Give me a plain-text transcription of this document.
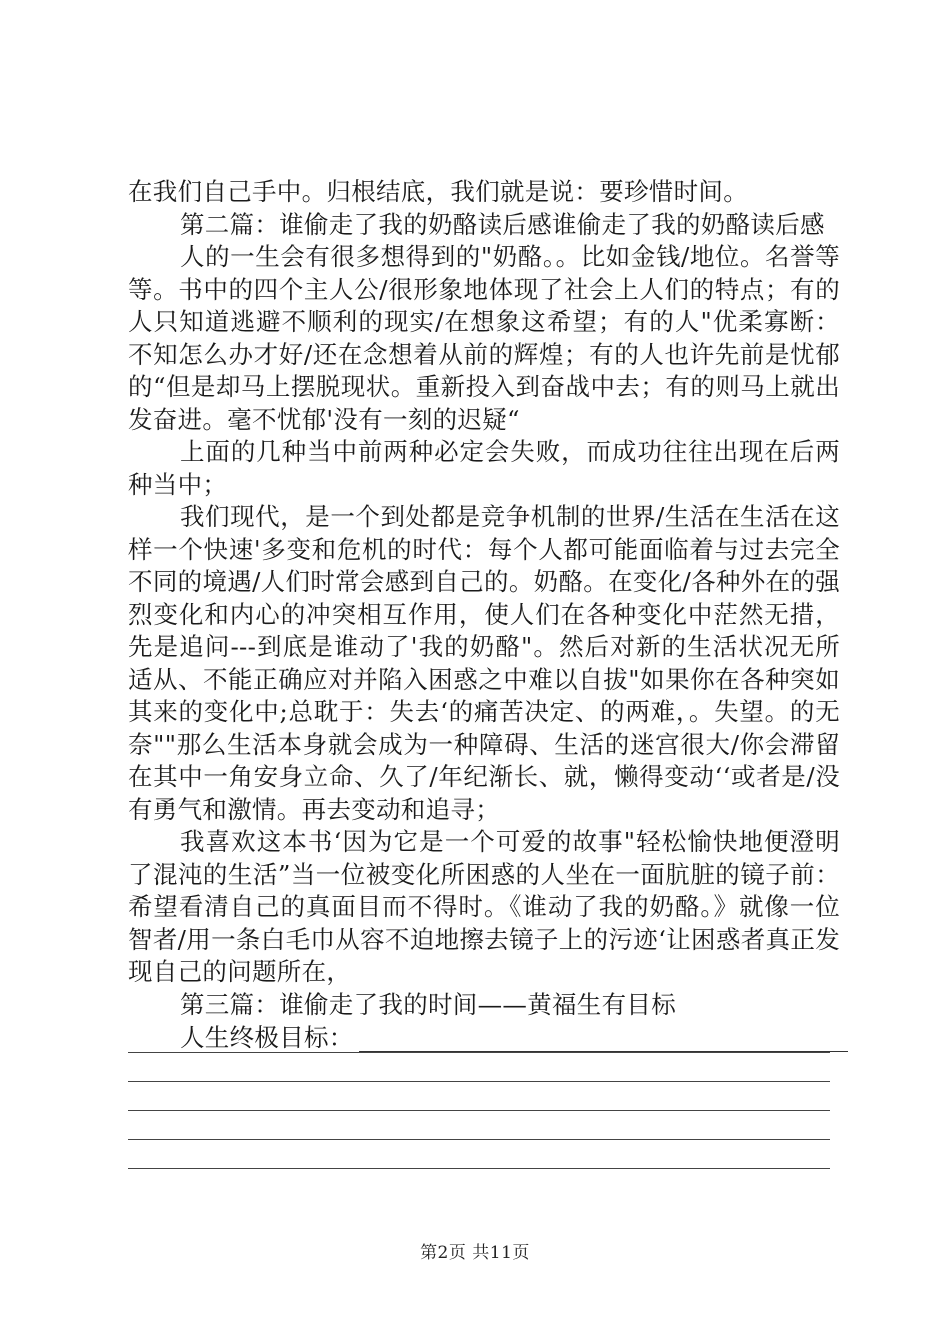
在我们自己手中。归根结底，我们就是说：要珍惜时间。

第二篇：谁偷走了我的奶酪读后感谁偷走了我的奶酪读后感

人的一生会有很多想得到的"奶酪。。比如金钱/地位。名誉等等。书中的四个主人公/很形象地体现了社会上人们的特点；有的人只知道逃避不顺利的现实/在想象这希望；有的人"优柔寡断：不知怎么办才好/还在念想着从前的辉煌；有的人也许先前是忧郁的“但是却马上摆脱现状。重新投入到奋战中去；有的则马上就出发奋进。毫不忧郁'没有一刻的迟疑“

上面的几种当中前两种必定会失败，而成功往往出现在后两种当中；

我们现代，是一个到处都是竞争机制的世界/生活在生活在这样一个快速'多变和危机的时代：每个人都可能面临着与过去完全不同的境遇/人们时常会感到自己的。奶酪。在变化/各种外在的强烈变化和内心的冲突相互作用，使人们在各种变化中茫然无措，先是追问---到底是谁动了'我的奶酪"。然后对新的生活状况无所适从、不能正确应对并陷入困惑之中难以自拔"如果你在各种突如其来的变化中;总耽于：失去‘的痛苦决定、的两难，。失望。的无奈""那么生活本身就会成为一种障碍、生活的迷宫很大/你会滞留在其中一角安身立命、久了/年纪渐长、就，懒得变动‘‘或者是/没有勇气和激情。再去变动和追寻；

我喜欢这本书‘因为它是一个可爱的故事"轻松愉快地便澄明了混沌的生活”当一位被变化所困惑的人坐在一面肮脏的镜子前：希望看清自己的真面目而不得时。《谁动了我的奶酪。》就像一位智者/用一条白毛巾从容不迫地擦去镜子上的污迹‘让困惑者真正发现自己的问题所在，

第三篇：谁偷走了我的时间——黄福生有目标

人生终极目标：
第2页 共11页
